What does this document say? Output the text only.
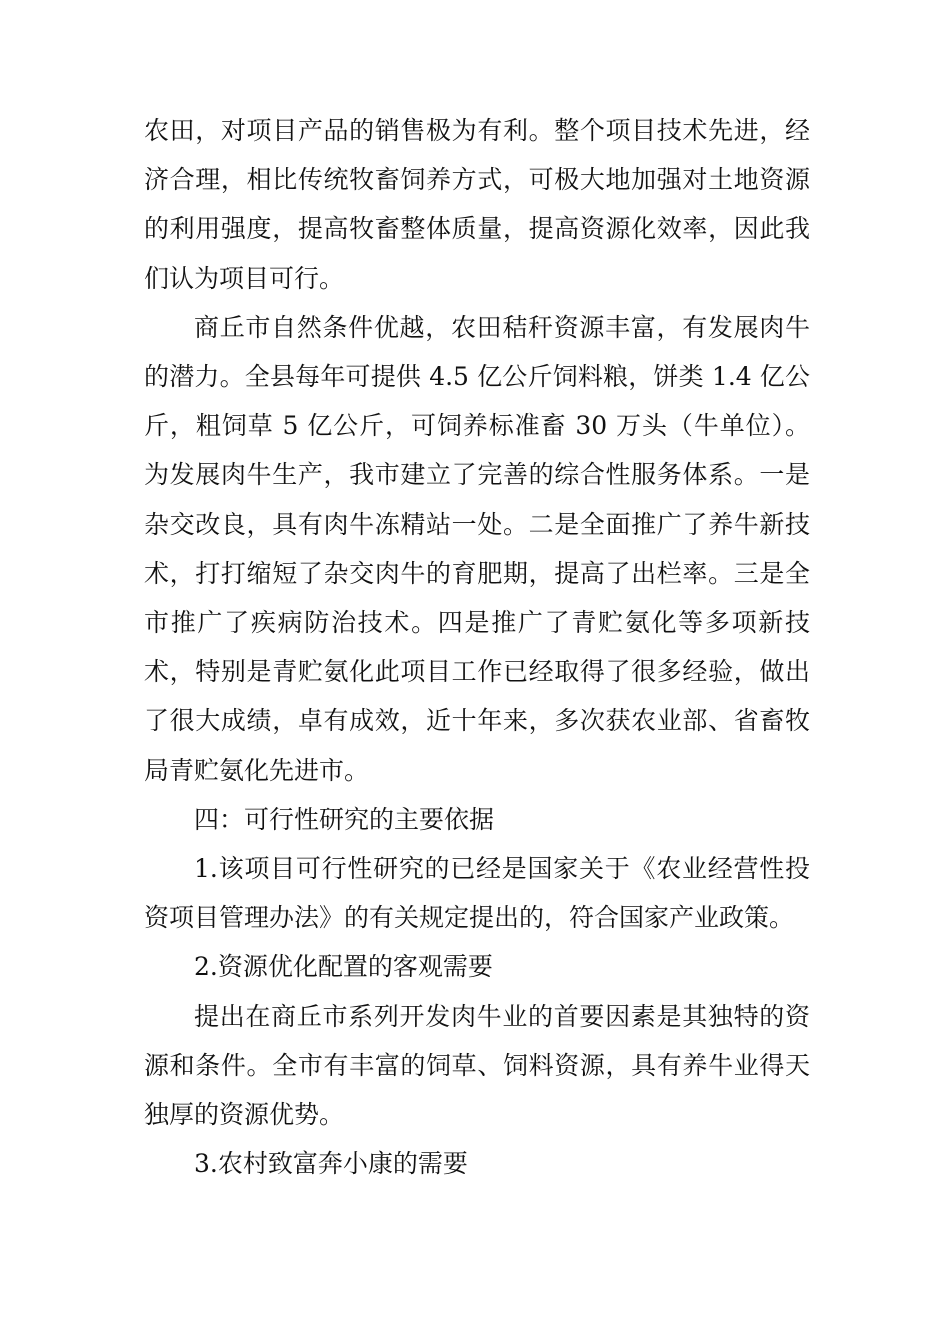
农田，对项目产品的销售极为有利。整个项目技术先进，经济合理，相比传统牧畜饲养方式，可极大地加强对土地资源的利用强度，提高牧畜整体质量，提高资源化效率，因此我们认为项目可行。

商丘市自然条件优越，农田秸秆资源丰富，有发展肉牛的潜力。全县每年可提供 4.5 亿公斤饲料粮，饼类 1.4 亿公斤，粗饲草 5 亿公斤，可饲养标准畜 30 万头（牛单位）。为发展肉牛生产，我市建立了完善的综合性服务体系。一是杂交改良，具有肉牛冻精站一处。二是全面推广了养牛新技术，打打缩短了杂交肉牛的育肥期，提高了出栏率。三是全市推广了疾病防治技术。四是推广了青贮氨化等多项新技术，特别是青贮氨化此项目工作已经取得了很多经验，做出了很大成绩，卓有成效，近十年来，多次获农业部、省畜牧局青贮氨化先进市。

四：可行性研究的主要依据

1.该项目可行性研究的已经是国家关于《农业经营性投资项目管理办法》的有关规定提出的，符合国家产业政策。

2.资源优化配置的客观需要

提出在商丘市系列开发肉牛业的首要因素是其独特的资源和条件。全市有丰富的饲草、饲料资源，具有养牛业得天独厚的资源优势。

3.农村致富奔小康的需要
